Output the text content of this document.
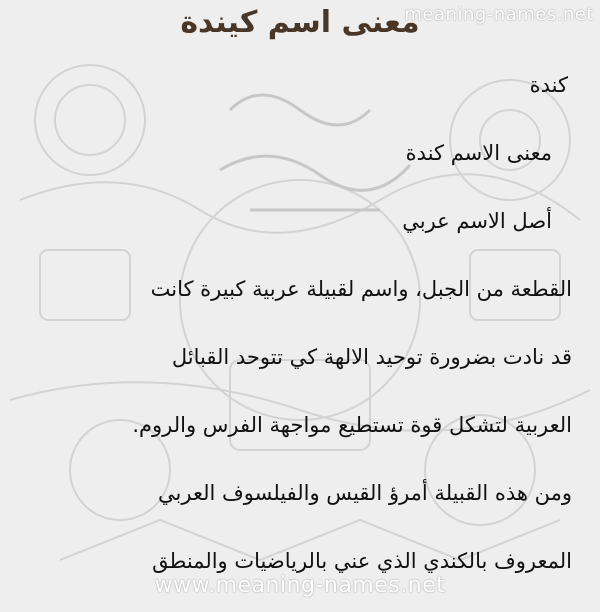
معنى اسم كيندة
meaning-names.net
كندة
معنى الاسم كندة
أصل الاسم عربي
القطعة من الجبل، واسم لقبيلة عربية كبيرة كانت
قد نادت بضرورة توحيد الالهة كي تتوحد القبائل
العربية لتشكل قوة تستطيع مواجهة الفرس والروم.
ومن هذه القبيلة أمرؤ القيس والفيلسوف العربي
المعروف بالكندي الذي عني بالرياضيات والمنطق
www.meaning-names.net
